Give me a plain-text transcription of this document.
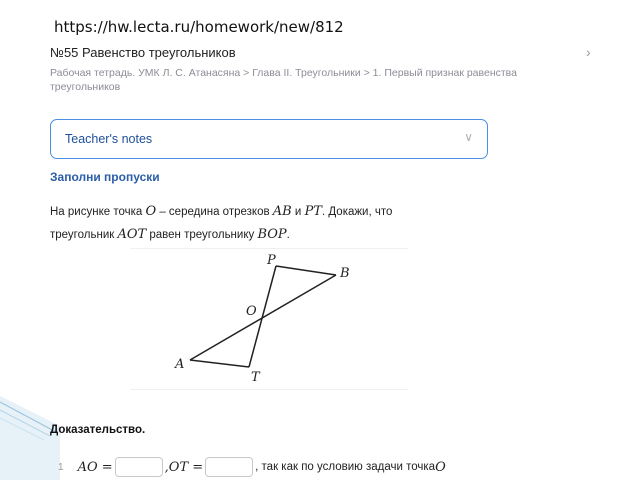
https://hw.lecta.ru/homework/new/812
№55 Равенство треугольников	›
Рабочая тетрадь. УМК Л. С. Атанасяна > Глава II. Треугольники > 1. Первый признак равенства треугольников
Teacher's notes	∨
Заполни пропуски
На рисунке точка O – середина отрезков AB и PT. Докажи, что
треугольник AOT равен треугольнику BOP.
P
B
O
A
T
Доказательство.
1 AO =	, OT =	, так как по условию задачи точка O
